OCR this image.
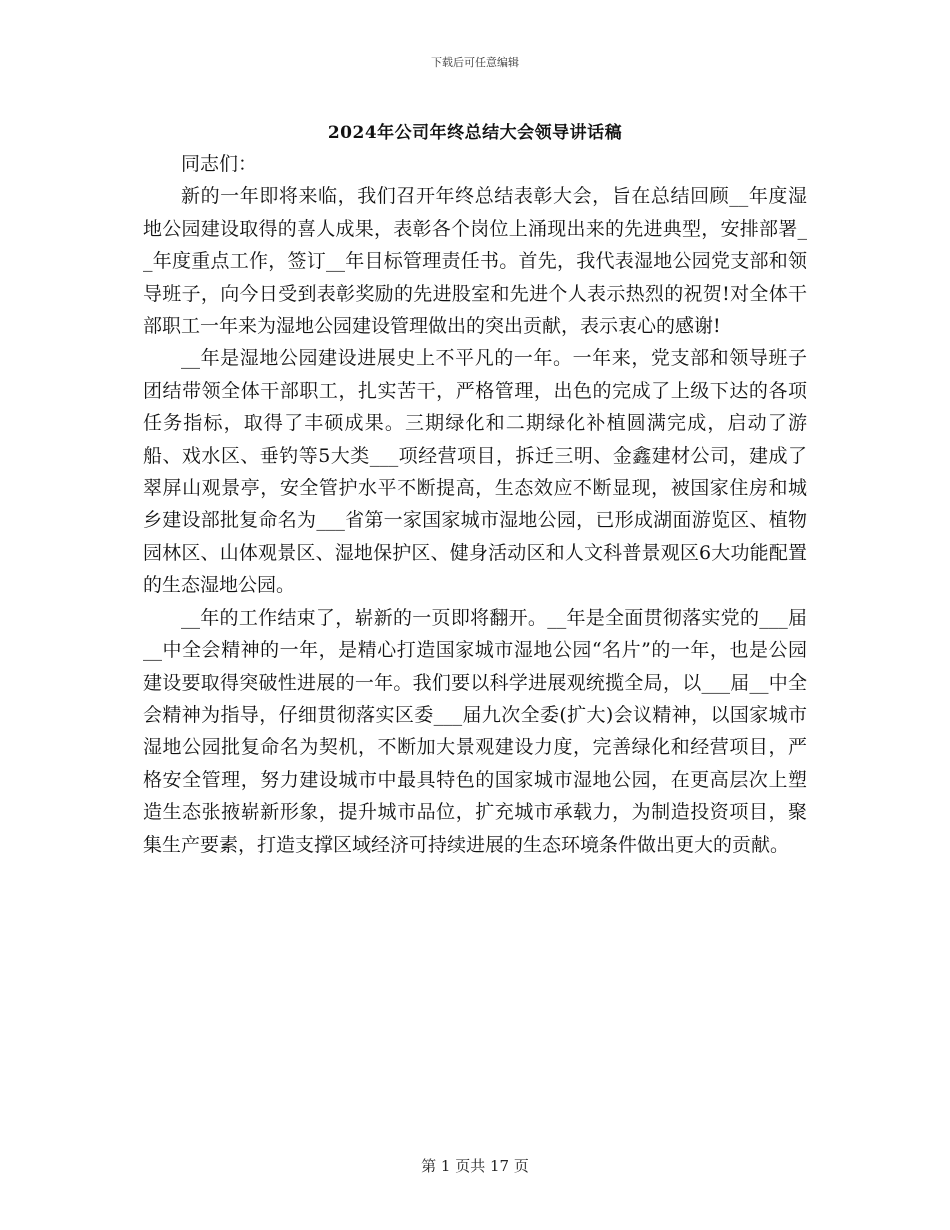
下载后可任意编辑
2024年公司年终总结大会领导讲话稿

同志们：

新的一年即将来临，我们召开年终总结表彰大会，旨在总结回顾__年度湿地公园建设取得的喜人成果，表彰各个岗位上涌现出来的先进典型，安排部署__年度重点工作，签订__年目标管理责任书。首先，我代表湿地公园党支部和领导班子，向今日受到表彰奖励的先进股室和先进个人表示热烈的祝贺!对全体干部职工一年来为湿地公园建设管理做出的突出贡献，表示衷心的感谢!

__年是湿地公园建设进展史上不平凡的一年。一年来，党支部和领导班子团结带领全体干部职工，扎实苦干，严格管理，出色的完成了上级下达的各项任务指标，取得了丰硕成果。三期绿化和二期绿化补植圆满完成，启动了游船、戏水区、垂钓等5大类___项经营项目，拆迁三明、金鑫建材公司，建成了翠屏山观景亭，安全管护水平不断提高，生态效应不断显现，被国家住房和城乡建设部批复命名为___省第一家国家城市湿地公园，已形成湖面游览区、植物园林区、山体观景区、湿地保护区、健身活动区和人文科普景观区6大功能配置的生态湿地公园。

__年的工作结束了，崭新的一页即将翻开。__年是全面贯彻落实党的___届__中全会精神的一年，是精心打造国家城市湿地公园“名片”的一年，也是公园建设要取得突破性进展的一年。我们要以科学进展观统揽全局，以___届__中全会精神为指导，仔细贯彻落实区委___届九次全委(扩大)会议精神，以国家城市湿地公园批复命名为契机，不断加大景观建设力度，完善绿化和经营项目，严格安全管理，努力建设城市中最具特色的国家城市湿地公园，在更高层次上塑造生态张掖崭新形象，提升城市品位，扩充城市承载力，为制造投资项目，聚集生产要素，打造支撑区域经济可持续进展的生态环境条件做出更大的贡献。

第 1 页共 17 页
